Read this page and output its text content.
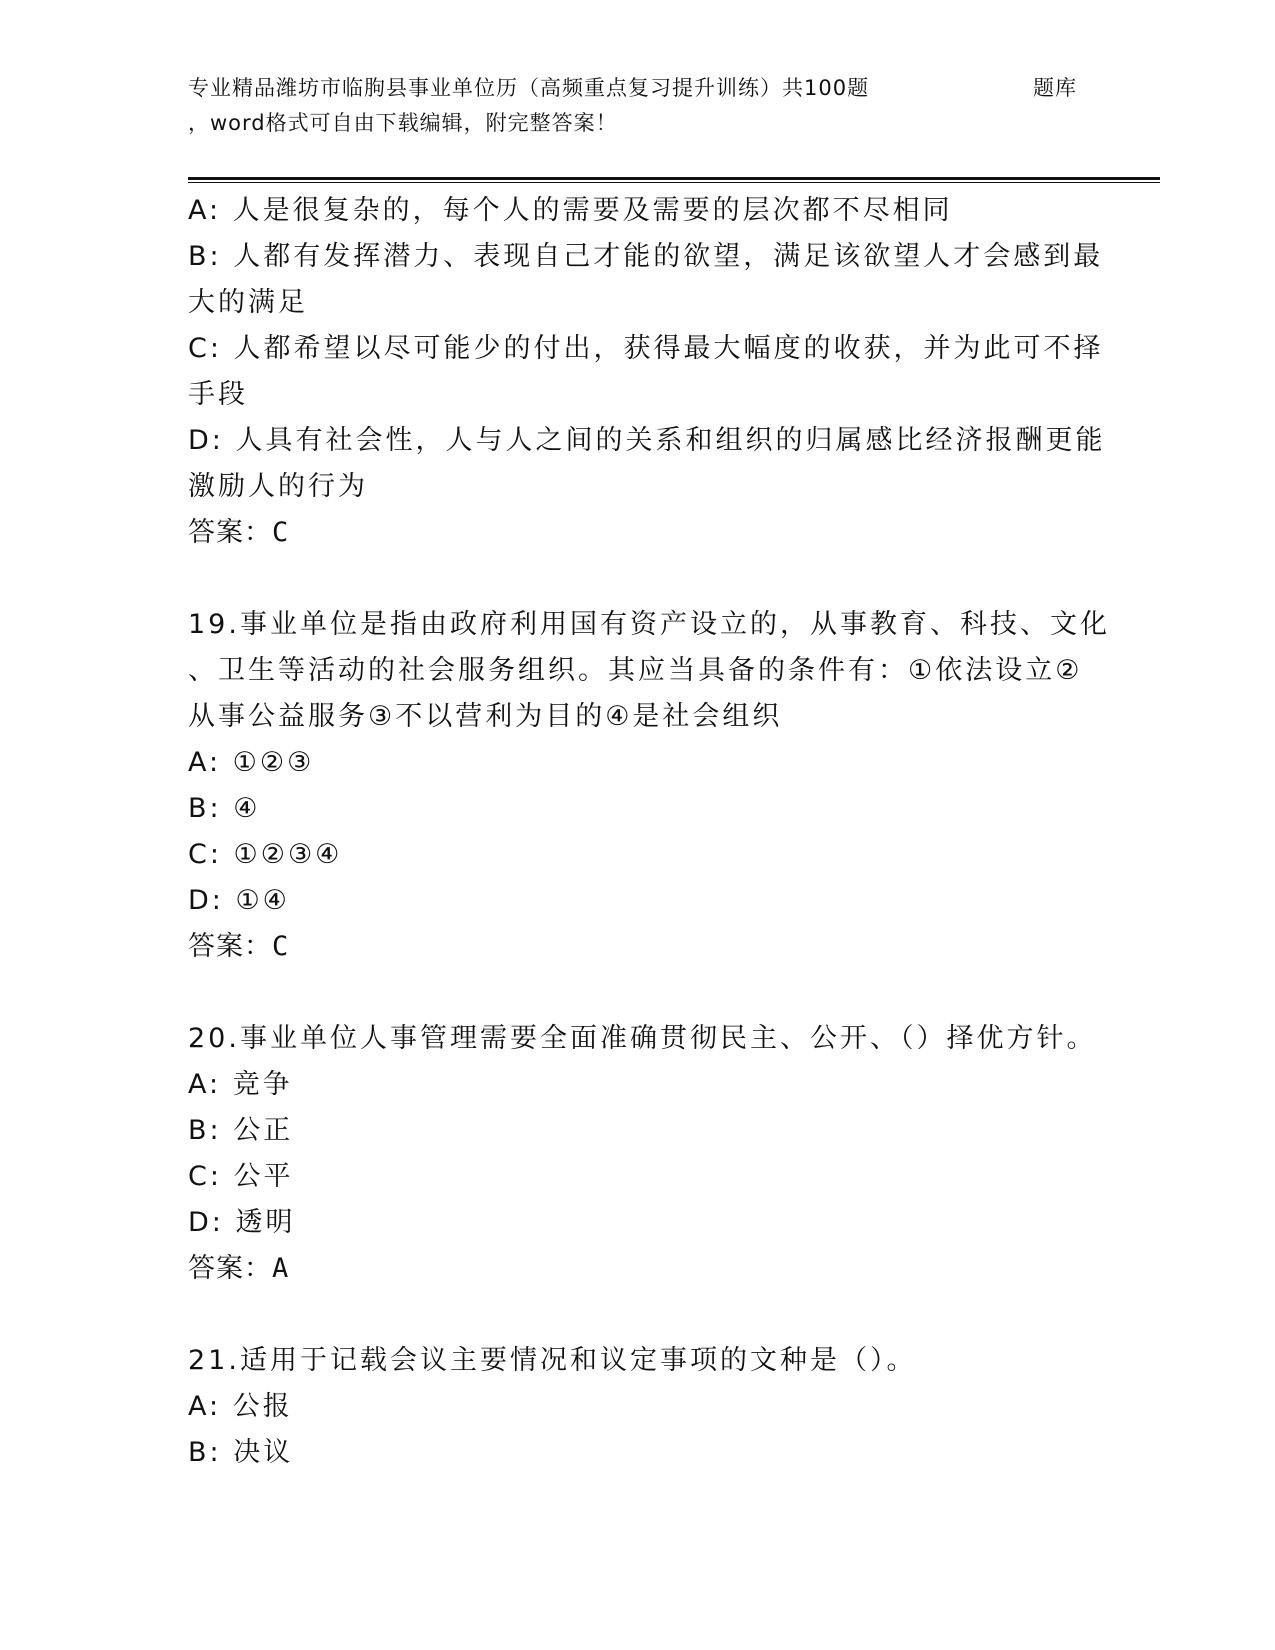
专业精品潍坊市临朐县事业单位历（高频重点复习提升训练）共100题	题库
，word格式可自由下载编辑，附完整答案！
A: 人是很复杂的，每个人的需要及需要的层次都不尽相同
B: 人都有发挥潜力、表现自己才能的欲望，满足该欲望人才会感到最
大的满足
C: 人都希望以尽可能少的付出，获得最大幅度的收获，并为此可不择
手段
D: 人具有社会性，人与人之间的关系和组织的归属感比经济报酬更能
激励人的行为
答案：C
19.事业单位是指由政府利用国有资产设立的，从事教育、科技、文化
、卫生等活动的社会服务组织。其应当具备的条件有：①依法设立②
从事公益服务③不以营利为目的④是社会组织
A: ①②③
B: ④
C: ①②③④
D: ①④
答案：C
20.事业单位人事管理需要全面准确贯彻民主、公开、（）择优方针。
A: 竞争
B: 公正
C: 公平
D: 透明
答案：A
21.适用于记载会议主要情况和议定事项的文种是（）。
A: 公报
B: 决议
